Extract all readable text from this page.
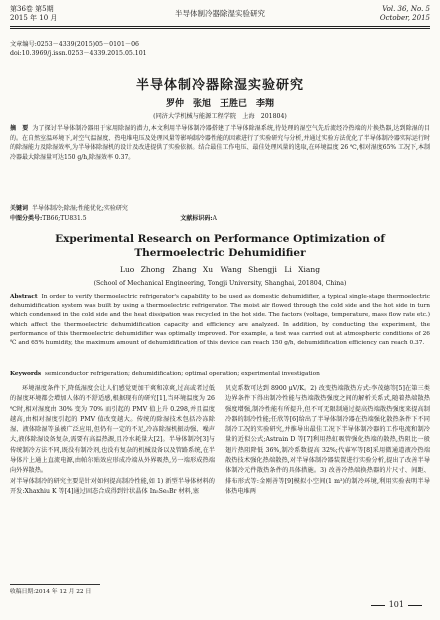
第36卷 第5期
2015 年 10 月	半导体制冷器除湿实验研究	Vol. 36, No. 5
October, 2015
文章编号:0253－4339(2015)05－0101－06
doi:10.3969/j.issn.0253－4339.2015.05.101
半导体制冷器除湿实验研究
罗仲　张旭　王胜已　李翔
(同济大学机械与能源工程学院　上海　201804)
摘　要 为了探讨半导体制冷器用于家用除湿的潜力,本文利用半导体制冷器搭建了半导体除湿系统,待处理的湿空气先后流经冷热端的片换热器,达到除湿的目的。在自然室温环境下,对空气温湿度、热电堆电压及处理风量等影响制冷器性能的因素进行了实验研究与分析,并通过实验方法优化了半导体制冷器实际运行时的除湿能力及除湿效率,为半导体除湿机的设计及改进提供了实验依据。结合最佳工作电压、最佳处理风量的选取,在环境温度 26 ℃,相对湿度65% 工况下,本制冷器最大除湿量可达150 g/h,除湿效率 0.37。
关键词 半导体制冷;除湿;性能优化;实验研究
中图分类号:TB66;TU831.5	文献标识码:A
Experimental Research on Performance Optimization of
Thermoelectric Dehumidifier
Luo Zhong　Zhang Xu　Wang Shengji　Li Xiang
(School of Mechanical Engineering, Tongji University, Shanghai, 201804, China)
Abstract In order to verify thermoelectric refrigerator's capability to be used as domestic dehumidifier, a typical single-stage thermoelectric dehumidification system was built by using a thermoelectric refrigerator. The moist air flowed through the cold side and the hot side in turn which condensed in the cold side and the heat dissipation was recycled in the hot side. The factors (voltage, temperature, mass flow rate etc.) which affect the thermoelectric dehumidification capacity and efficiency are analyzed. In addition, by conducting the experiment, the performance of this thermoelectric dehumidifier was optimally improved. For example, a test was carried out at atmospheric conditions of 26 ℃ and 65% humidity, the maximum amount of dehumidification of this device can reach 150 g/h, dehumidification efficiency can reach 0.37.
Keywords semiconductor refrigeration; dehumidification; optimal operation; experimental investigation

环境湿度条件下,降低湿度会让人们感觉更加干爽和凉爽,过高或者过低的湿度环境都会增加人体的不舒适感,根据现有的研究[1],当环境温度为 26 ℃时,相对湿度由 30% 变为 70% 而引起的 PMV 值上升 0.298,并且温度越高,由相对湿度引起的 PMV 值改变越大。传统的除湿技术包括冷冻除湿、液体除湿等虽被广泛应用,但仍有一定的不足,冷冻除湿机振动强、噪声大,液体除湿设备复杂,需要有高温热源,且冷水耗量大[2]。半导体制冷[3]与传统制冷方法不同,既没有制冷剂,也没有复杂的机械设备以及管路系统,在半导体片上通上直流电源,由帕尔贴效应形成冷端从外界吸热,另一端形成热端向外界散热。
对半导体制冷的研究主要是针对如何提高制冷性能,如 1) 新型半导体材料的开发:Xhaxhiu K 等[4]通过固态合成得到针状晶体 In₅Se₅Br 材料,塞

贝克系数可达到 8900 μV/K。2) 改变热端散热方式:李茂德等[5]在第三类边界条件下得出制冷性能与热端散热强度之间的解析关系式,随着热端散热强度增强,制冷性能有所提升,但不可无限制通过提高热端散热强度来提高制冷器的制冷性能;任欣等[6]给出了半导体制冷器在热端强化散热条件下不同制冷工况的实验研究,并推导出最佳工况下半导体制冷器的工作电流和制冷量的近似公式;Astrain D 等[7]利用热虹吸管强化热端的散热,热阻比一般翅片热阻降低 36%,制冷系数提高 32%;代睿军等[8]采用微通道液冷热端散热技术强化热端散热,对半导体制冷器装置进行实验分析,提出了改善半导体制冷元件散热条件的具体措施。3) 改善冷热端换热器的片尺寸、间距、排布形式等:金刚善等[9]模拟小空间(1 m³)的制冷环境,利用实验表明半导体热电堆两

收稿日期:2014 年 12 月 22 日
101
